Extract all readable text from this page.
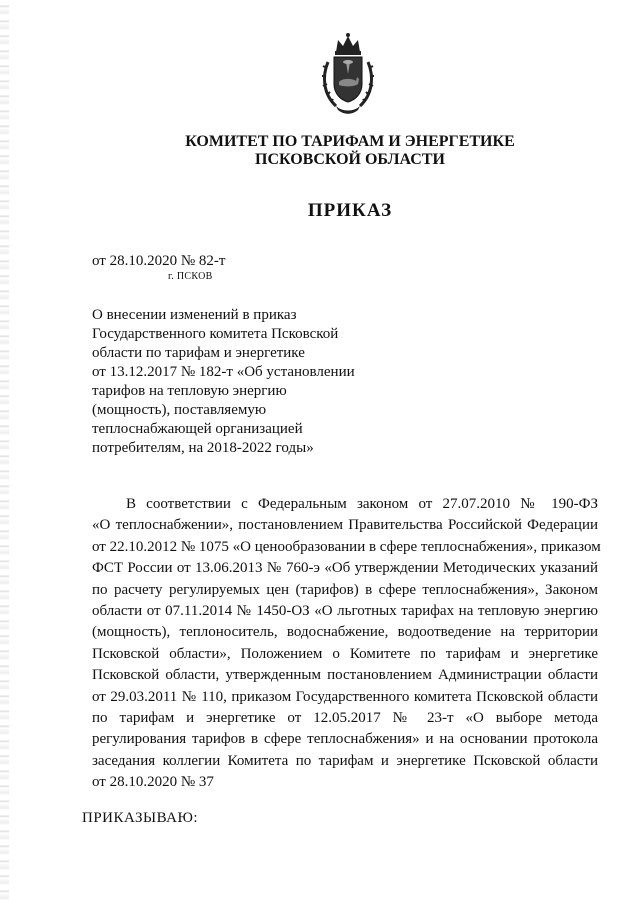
КОМИТЕТ ПО ТАРИФАМ И ЭНЕРГЕТИКЕ
ПСКОВСКОЙ ОБЛАСТИ
ПРИКАЗ
от 28.10.2020 № 82-т
г. ПСКОВ
О внесении изменений в приказ
Государственного комитета Псковской
области по тарифам и энергетике
от 13.12.2017 № 182-т «Об установлении
тарифов на тепловую энергию
(мощность), поставляемую
теплоснабжающей организацией
потребителям, на 2018-2022 годы»
В соответствии с Федеральным законом от 27.07.2010 № 190-ФЗ
«О теплоснабжении», постановлением Правительства Российской Федерации
от 22.10.2012 № 1075 «О ценообразовании в сфере теплоснабжения», приказом
ФСТ России от 13.06.2013 № 760-э «Об утверждении Методических указаний
по расчету регулируемых цен (тарифов) в сфере теплоснабжения», Законом
области от 07.11.2014 № 1450-ОЗ «О льготных тарифах на тепловую энергию
(мощность), теплоноситель, водоснабжение, водоотведение на территории
Псковской области», Положением о Комитете по тарифам и энергетике
Псковской области, утвержденным постановлением Администрации области
от 29.03.2011 № 110, приказом Государственного комитета Псковской области
по тарифам и энергетике от 12.05.2017 № 23-т «О выборе метода
регулирования тарифов в сфере теплоснабжения» и на основании протокола
заседания коллегии Комитета по тарифам и энергетике Псковской области
от 28.10.2020 № 37
ПРИКАЗЫВАЮ:
